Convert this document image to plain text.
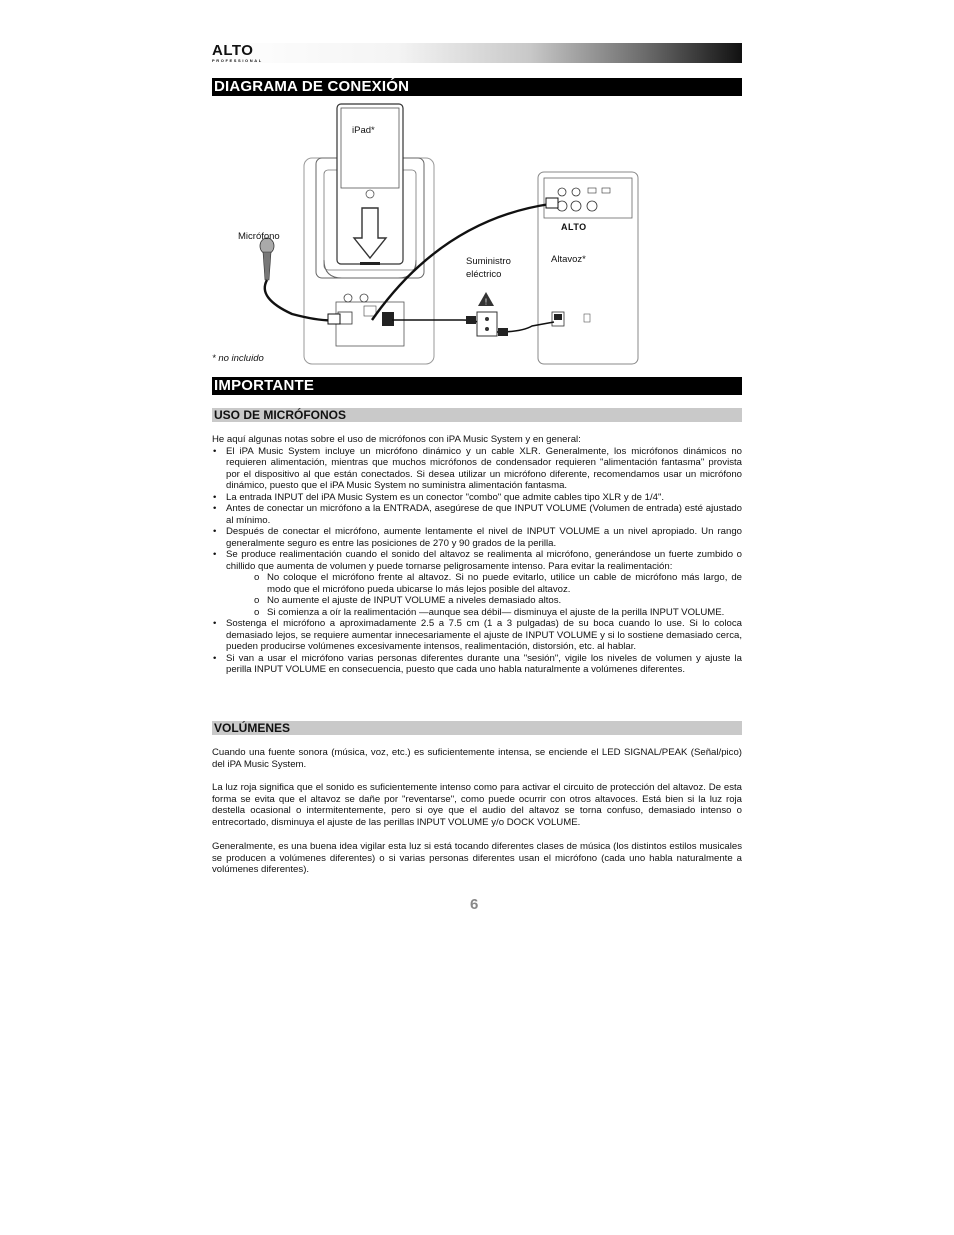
ALTO
PROFESSIONAL
DIAGRAMA DE CONEXIÓN
!
iPad*
Micrófono
Suministro
eléctrico
Altavoz*
ALTO
* no incluido
IMPORTANTE
USO DE MICRÓFONOS
He aquí algunas notas sobre el uso de micrófonos con iPA Music System y en general:
• El iPA Music System incluye un micrófono dinámico y un cable XLR. Generalmente, los micrófonos dinámicos no requieren alimentación, mientras que muchos micrófonos de condensador requieren "alimentación fantasma" provista por el dispositivo al que están conectados. Si desea utilizar un micrófono diferente, recomendamos usar un micrófono dinámico, puesto que el iPA Music System no suministra alimentación fantasma.
• La entrada INPUT del iPA Music System es un conector "combo" que admite cables tipo XLR y de 1/4".
• Antes de conectar un micrófono a la ENTRADA, asegúrese de que INPUT VOLUME (Volumen de entrada) esté ajustado al mínimo.
• Después de conectar el micrófono, aumente lentamente el nivel de INPUT VOLUME a un nivel apropiado. Un rango generalmente seguro es entre las posiciones de 270 y 90 grados de la perilla.
• Se produce realimentación cuando el sonido del altavoz se realimenta al micrófono, generándose un fuerte zumbido o chillido que aumenta de volumen y puede tornarse peligrosamente intenso. Para evitar la realimentación:
o No coloque el micrófono frente al altavoz. Si no puede evitarlo, utilice un cable de micrófono más largo, de modo que el micrófono pueda ubicarse lo más lejos posible del altavoz.
o No aumente el ajuste de INPUT VOLUME a niveles demasiado altos.
o Si comienza a oír la realimentación —aunque sea débil— disminuya el ajuste de la perilla INPUT VOLUME.
• Sostenga el micrófono a aproximadamente 2.5 a 7.5 cm (1 a 3 pulgadas) de su boca cuando lo use. Si lo coloca demasiado lejos, se requiere aumentar innecesariamente el ajuste de INPUT VOLUME y si lo sostiene demasiado cerca, pueden producirse volúmenes excesivamente intensos, realimentación, distorsión, etc. al hablar.
• Si van a usar el micrófono varias personas diferentes durante una "sesión", vigile los niveles de volumen y ajuste la perilla INPUT VOLUME en consecuencia, puesto que cada uno habla naturalmente a volúmenes diferentes.
VOLÚMENES
Cuando una fuente sonora (música, voz, etc.) es suficientemente intensa, se enciende el LED SIGNAL/PEAK (Señal/pico) del iPA Music System.
La luz roja significa que el sonido es suficientemente intenso como para activar el circuito de protección del altavoz. De esta forma se evita que el altavoz se dañe por "reventarse", como puede ocurrir con otros altavoces. Está bien si la luz roja destella ocasional o intermitentemente, pero si oye que el audio del altavoz se torna confuso, demasiado intenso o entrecortado, disminuya el ajuste de las perillas INPUT VOLUME y/o DOCK VOLUME.
Generalmente, es una buena idea vigilar esta luz si está tocando diferentes clases de música (los distintos estilos musicales se producen a volúmenes diferentes) o si varias personas diferentes usan el micrófono (cada uno habla naturalmente a volúmenes diferentes).
6
